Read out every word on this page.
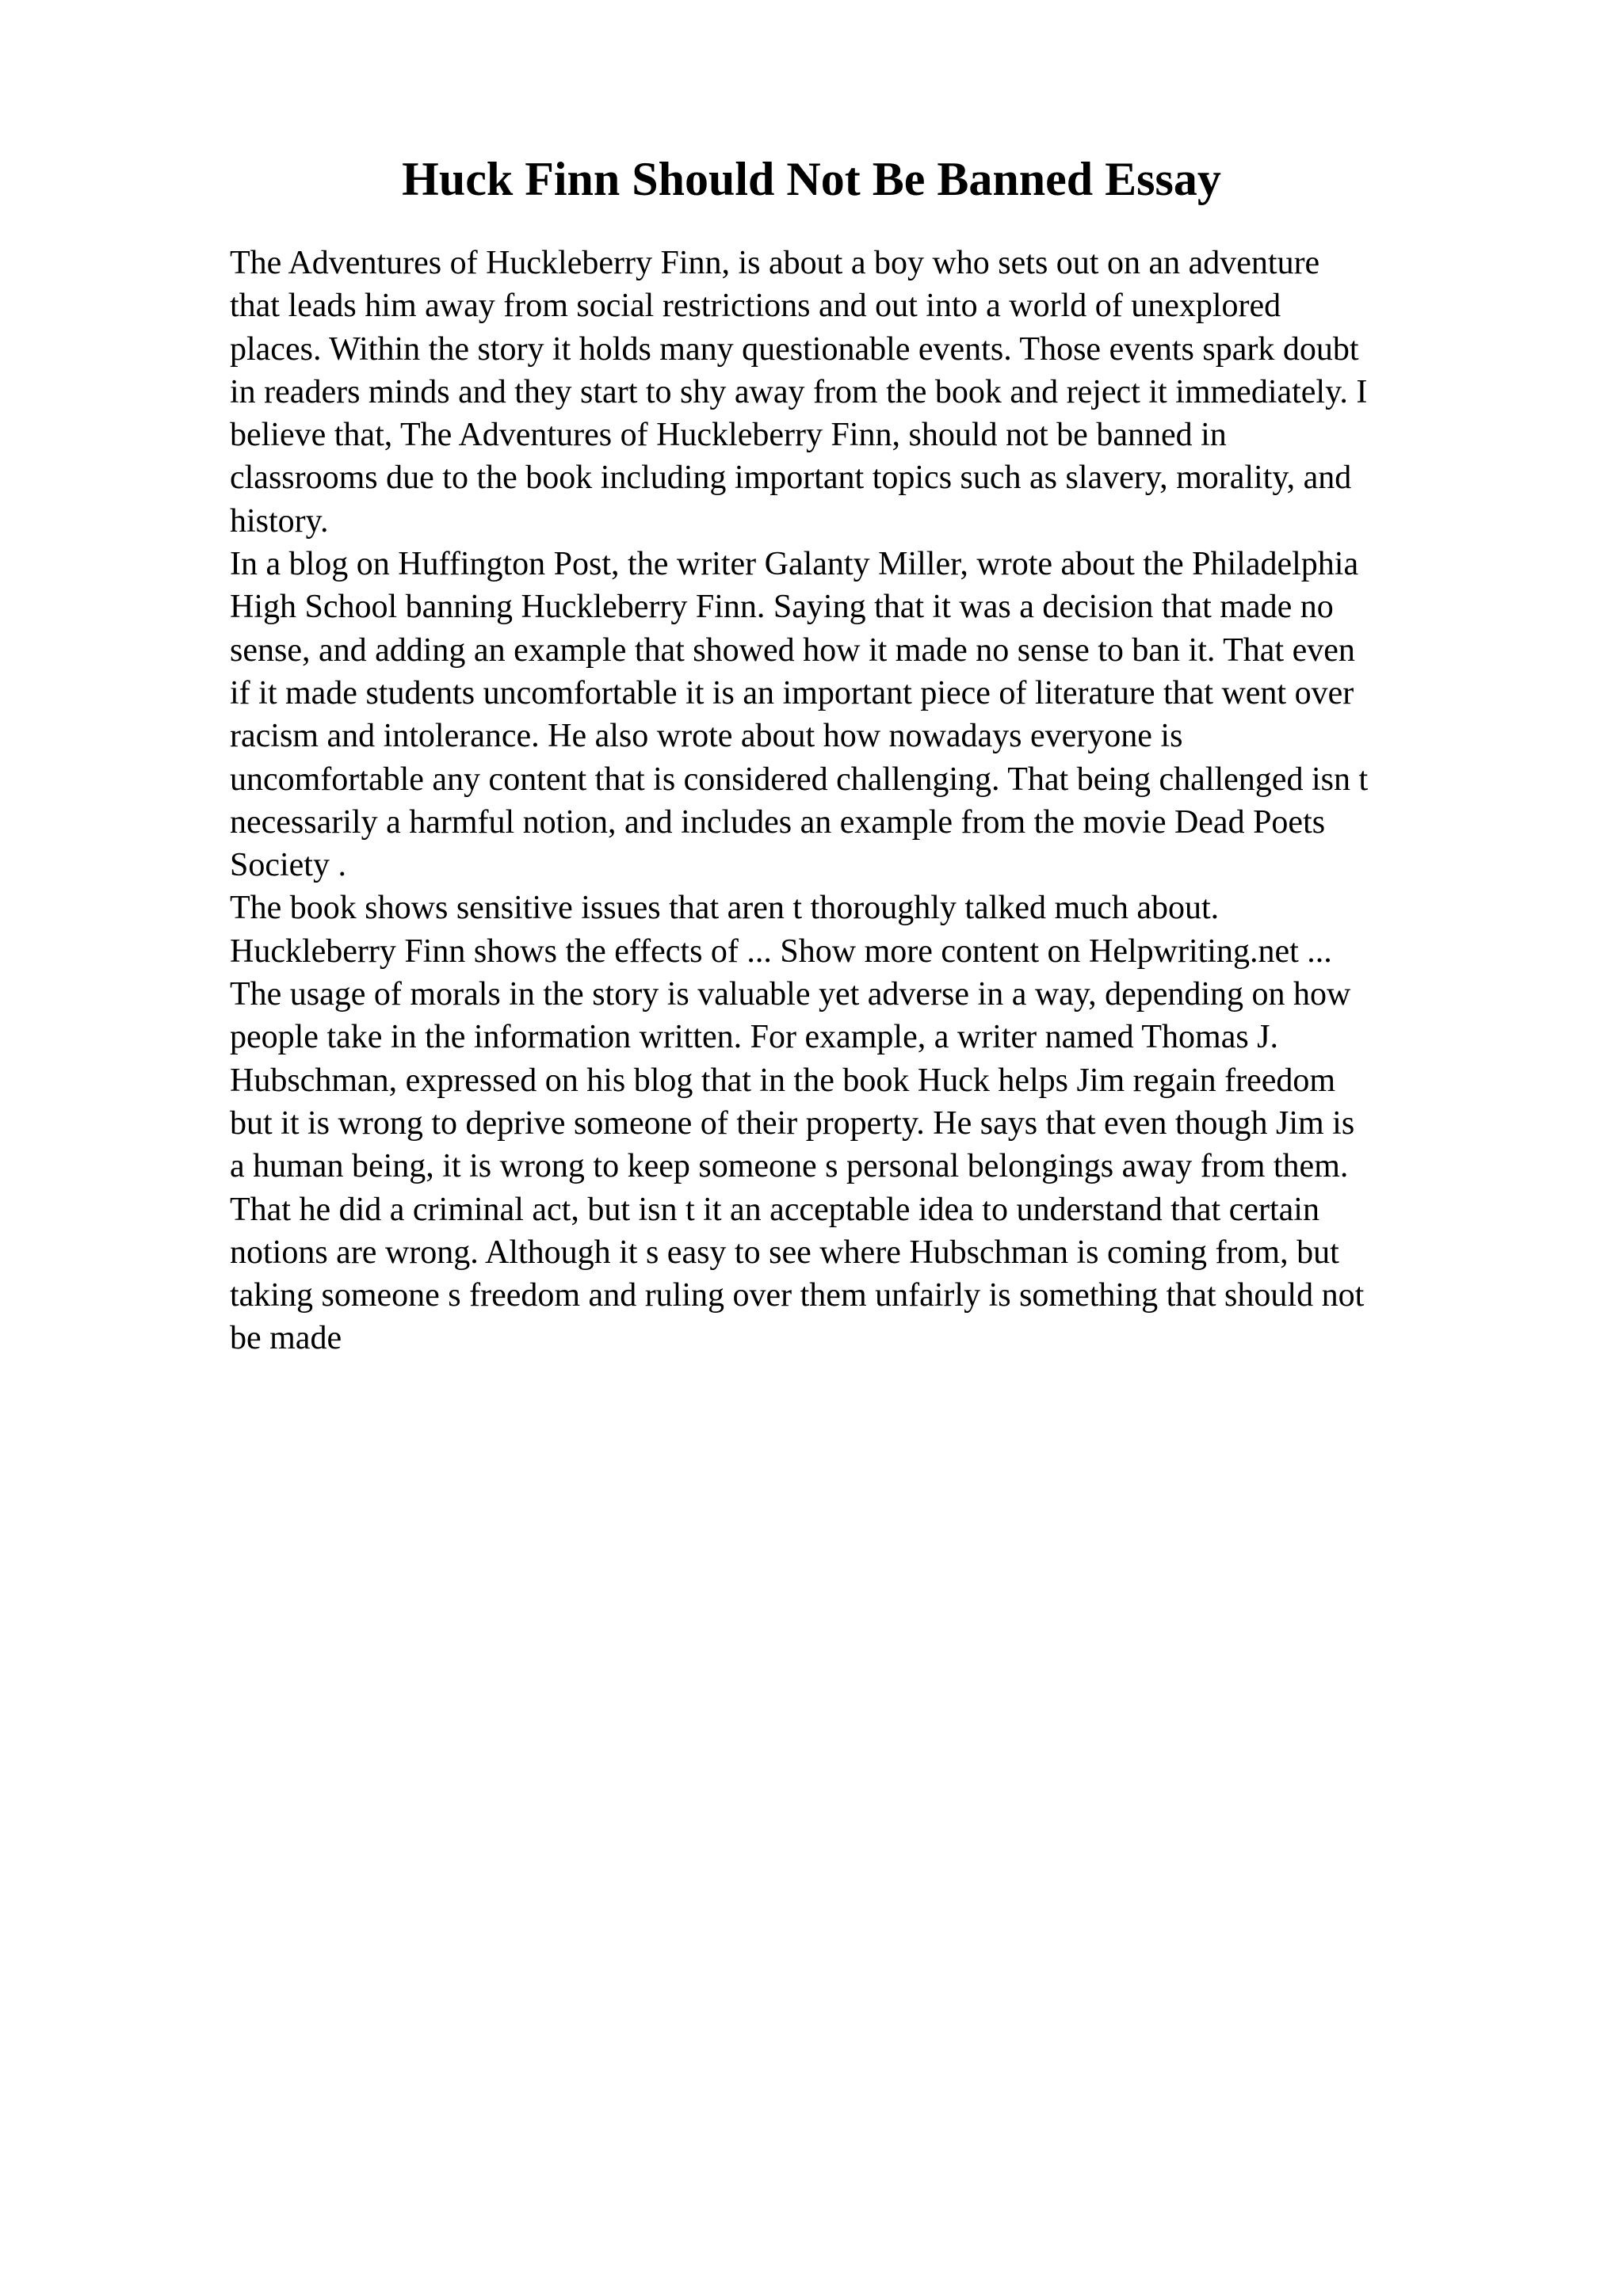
Huck Finn Should Not Be Banned Essay
The Adventures of Huckleberry Finn, is about a boy who sets out on an adventure
that leads him away from social restrictions and out into a world of unexplored
places. Within the story it holds many questionable events. Those events spark doubt
in readers minds and they start to shy away from the book and reject it immediately. I
believe that, The Adventures of Huckleberry Finn, should not be banned in
classrooms due to the book including important topics such as slavery, morality, and
history.
In a blog on Huffington Post, the writer Galanty Miller, wrote about the Philadelphia
High School banning Huckleberry Finn. Saying that it was a decision that made no
sense, and adding an example that showed how it made no sense to ban it. That even
if it made students uncomfortable it is an important piece of literature that went over
racism and intolerance. He also wrote about how nowadays everyone is
uncomfortable any content that is considered challenging. That being challenged isn t
necessarily a harmful notion, and includes an example from the movie Dead Poets
Society .
The book shows sensitive issues that aren t thoroughly talked much about.
Huckleberry Finn shows the effects of ... Show more content on Helpwriting.net ...
The usage of morals in the story is valuable yet adverse in a way, depending on how
people take in the information written. For example, a writer named Thomas J.
Hubschman, expressed on his blog that in the book Huck helps Jim regain freedom
but it is wrong to deprive someone of their property. He says that even though Jim is
a human being, it is wrong to keep someone s personal belongings away from them.
That he did a criminal act, but isn t it an acceptable idea to understand that certain
notions are wrong. Although it s easy to see where Hubschman is coming from, but
taking someone s freedom and ruling over them unfairly is something that should not
be made
